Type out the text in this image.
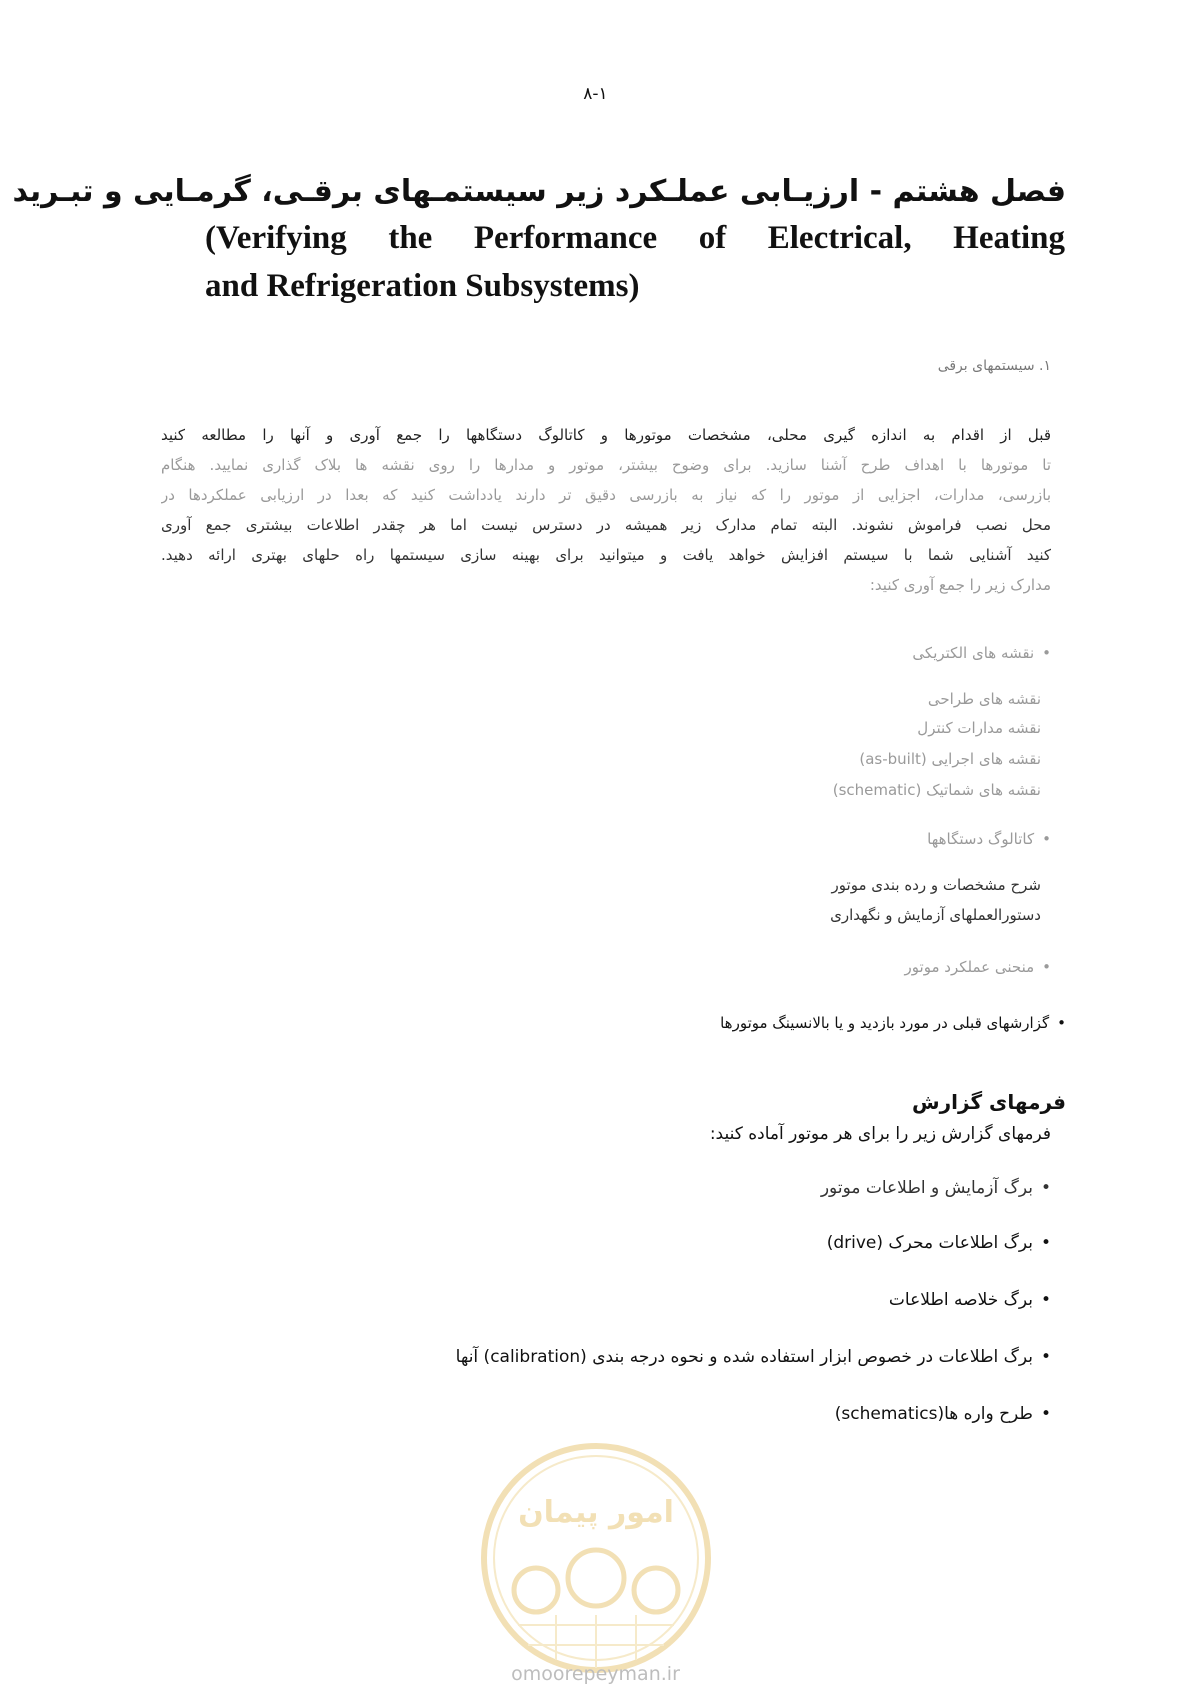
۸-۱
فصل هشتم - ارزیـابی عملـکرد زیر سیستمـهای برقـی، گرمـایی و تبـرید
(Verifying the Performance of Electrical, Heating
and Refrigeration Subsystems)
۱. سیستمهای برقی
قبل از اقدام به اندازه گیری محلی، مشخصات موتورها و کاتالوگ دستگاهها را جمع آوری و آنها را مطالعه کنید
تا موتورها با اهداف طرح آشنا سازید. برای وضوح بیشتر، موتور و مدارها را روی نقشه ها بلاک گذاری نمایید. هنگام
بازرسی، مدارات، اجزایی از موتور را که نیاز به بازرسی دقیق تر دارند یادداشت کنید که بعدا در ارزیابی عملکردها در
محل نصب فراموش نشوند. البته تمام مدارک زیر همیشه در دسترس نیست اما هر چقدر اطلاعات بیشتری جمع آوری
کنید آشنایی شما با سیستم افزایش خواهد یافت و میتوانید برای بهینه سازی سیستمها راه حلهای بهتری ارائه دهید.
مدارک زیر را جمع آوری کنید:
• نقشه های الکتریکی
نقشه های طراحی
نقشه مدارات کنترل
نقشه های اجرایی (as-built)
نقشه های شماتیک (schematic)
• کاتالوگ دستگاهها
شرح مشخصات و رده بندی موتور
دستورالعملهای آزمایش و نگهداری
• منحنی عملکرد موتور
• گزارشهای قبلی در مورد بازدید و یا بالانسینگ موتورها
فرمهای گزارش
فرمهای گزارش زیر را برای هر موتور آماده کنید:
• برگ آزمایش و اطلاعات موتور
• برگ اطلاعات محرک (drive)
• برگ خلاصه اطلاعات
• برگ اطلاعات در خصوص ابزار استفاده شده و نحوه درجه بندی (calibration) آنها
• طرح واره ها(schematics)
امور پیمان
omoorepeyman.ir
